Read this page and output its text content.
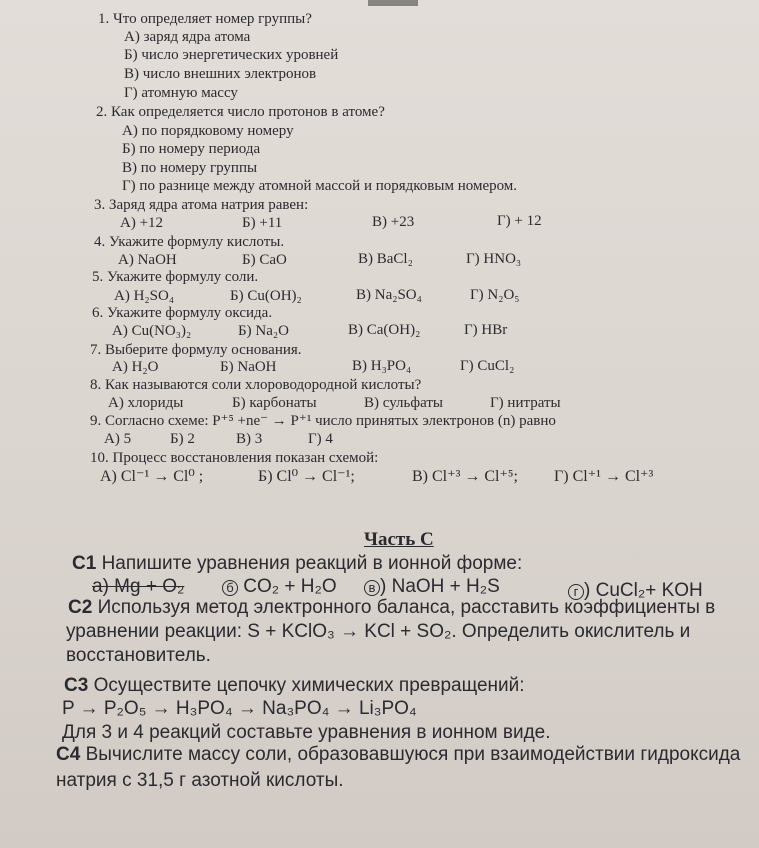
1. Что определяет номер группы?
А) заряд ядра атома
Б) число энергетических уровней
В) число внешних электронов
Г) атомную массу
2. Как определяется число протонов в атоме?
А) по порядковому номеру
Б) по номеру периода
В) по номеру группы
Г) по разнице между атомной массой и порядковым номером.
3. Заряд ядра атома натрия равен:
А) +12	Б) +11	В) +23	Г) + 12
4. Укажите формулу кислоты.
А) NaOH	Б) CaO	В) BaCl₂	Г) HNO₃
5. Укажите формулу соли.
А) H₂SO₄	Б) Cu(OH)₂	В) Na₂SO₄	Г) N₂O₅
6. Укажите формулу оксида.
А) Cu(NO₃)₂	Б) Na₂O	В) Ca(OH)₂	Г) HBr
7. Выберите формулу основания.
А) H₂O	Б) NaOH	В) H₃PO₄	Г) CuCl₂
8. Как называются соли хлороводородной кислоты?
А) хлориды	Б) карбонаты	В) сульфаты	Г) нитраты
9. Согласно схеме: P⁺⁵ +ne⁻ → P⁺¹ число принятых электронов (n) равно
А) 5	Б) 2	В) 3	Г) 4
10. Процесс восстановления показан схемой:
А) Cl⁻¹ → Cl⁰ ;	Б) Cl⁰ → Cl⁻¹;	В) Cl⁺³ → Cl⁺⁵; Г) Cl⁺¹ → Cl⁺³
Часть С
С1 Напишите уравнения реакций в ионной форме:
а) Mg + O₂	б CO₂ + H₂O	в ) NaOH + H₂S	г ) CuCl₂+ KOH
С2 Используя метод электронного баланса, расставить коэффициенты в
уравнении реакции: S + KClO₃ → KCl + SO₂. Определить окислитель и
восстановитель.
С3 Осуществите цепочку химических превращений:
P → P₂O₅ → H₃PO₄ → Na₃PO₄ → Li₃PO₄
Для 3 и 4 реакций составьте уравнения в ионном виде.
С4 Вычислите массу соли, образовавшуюся при взаимодействии гидроксида
натрия с 31,5 г азотной кислоты.
